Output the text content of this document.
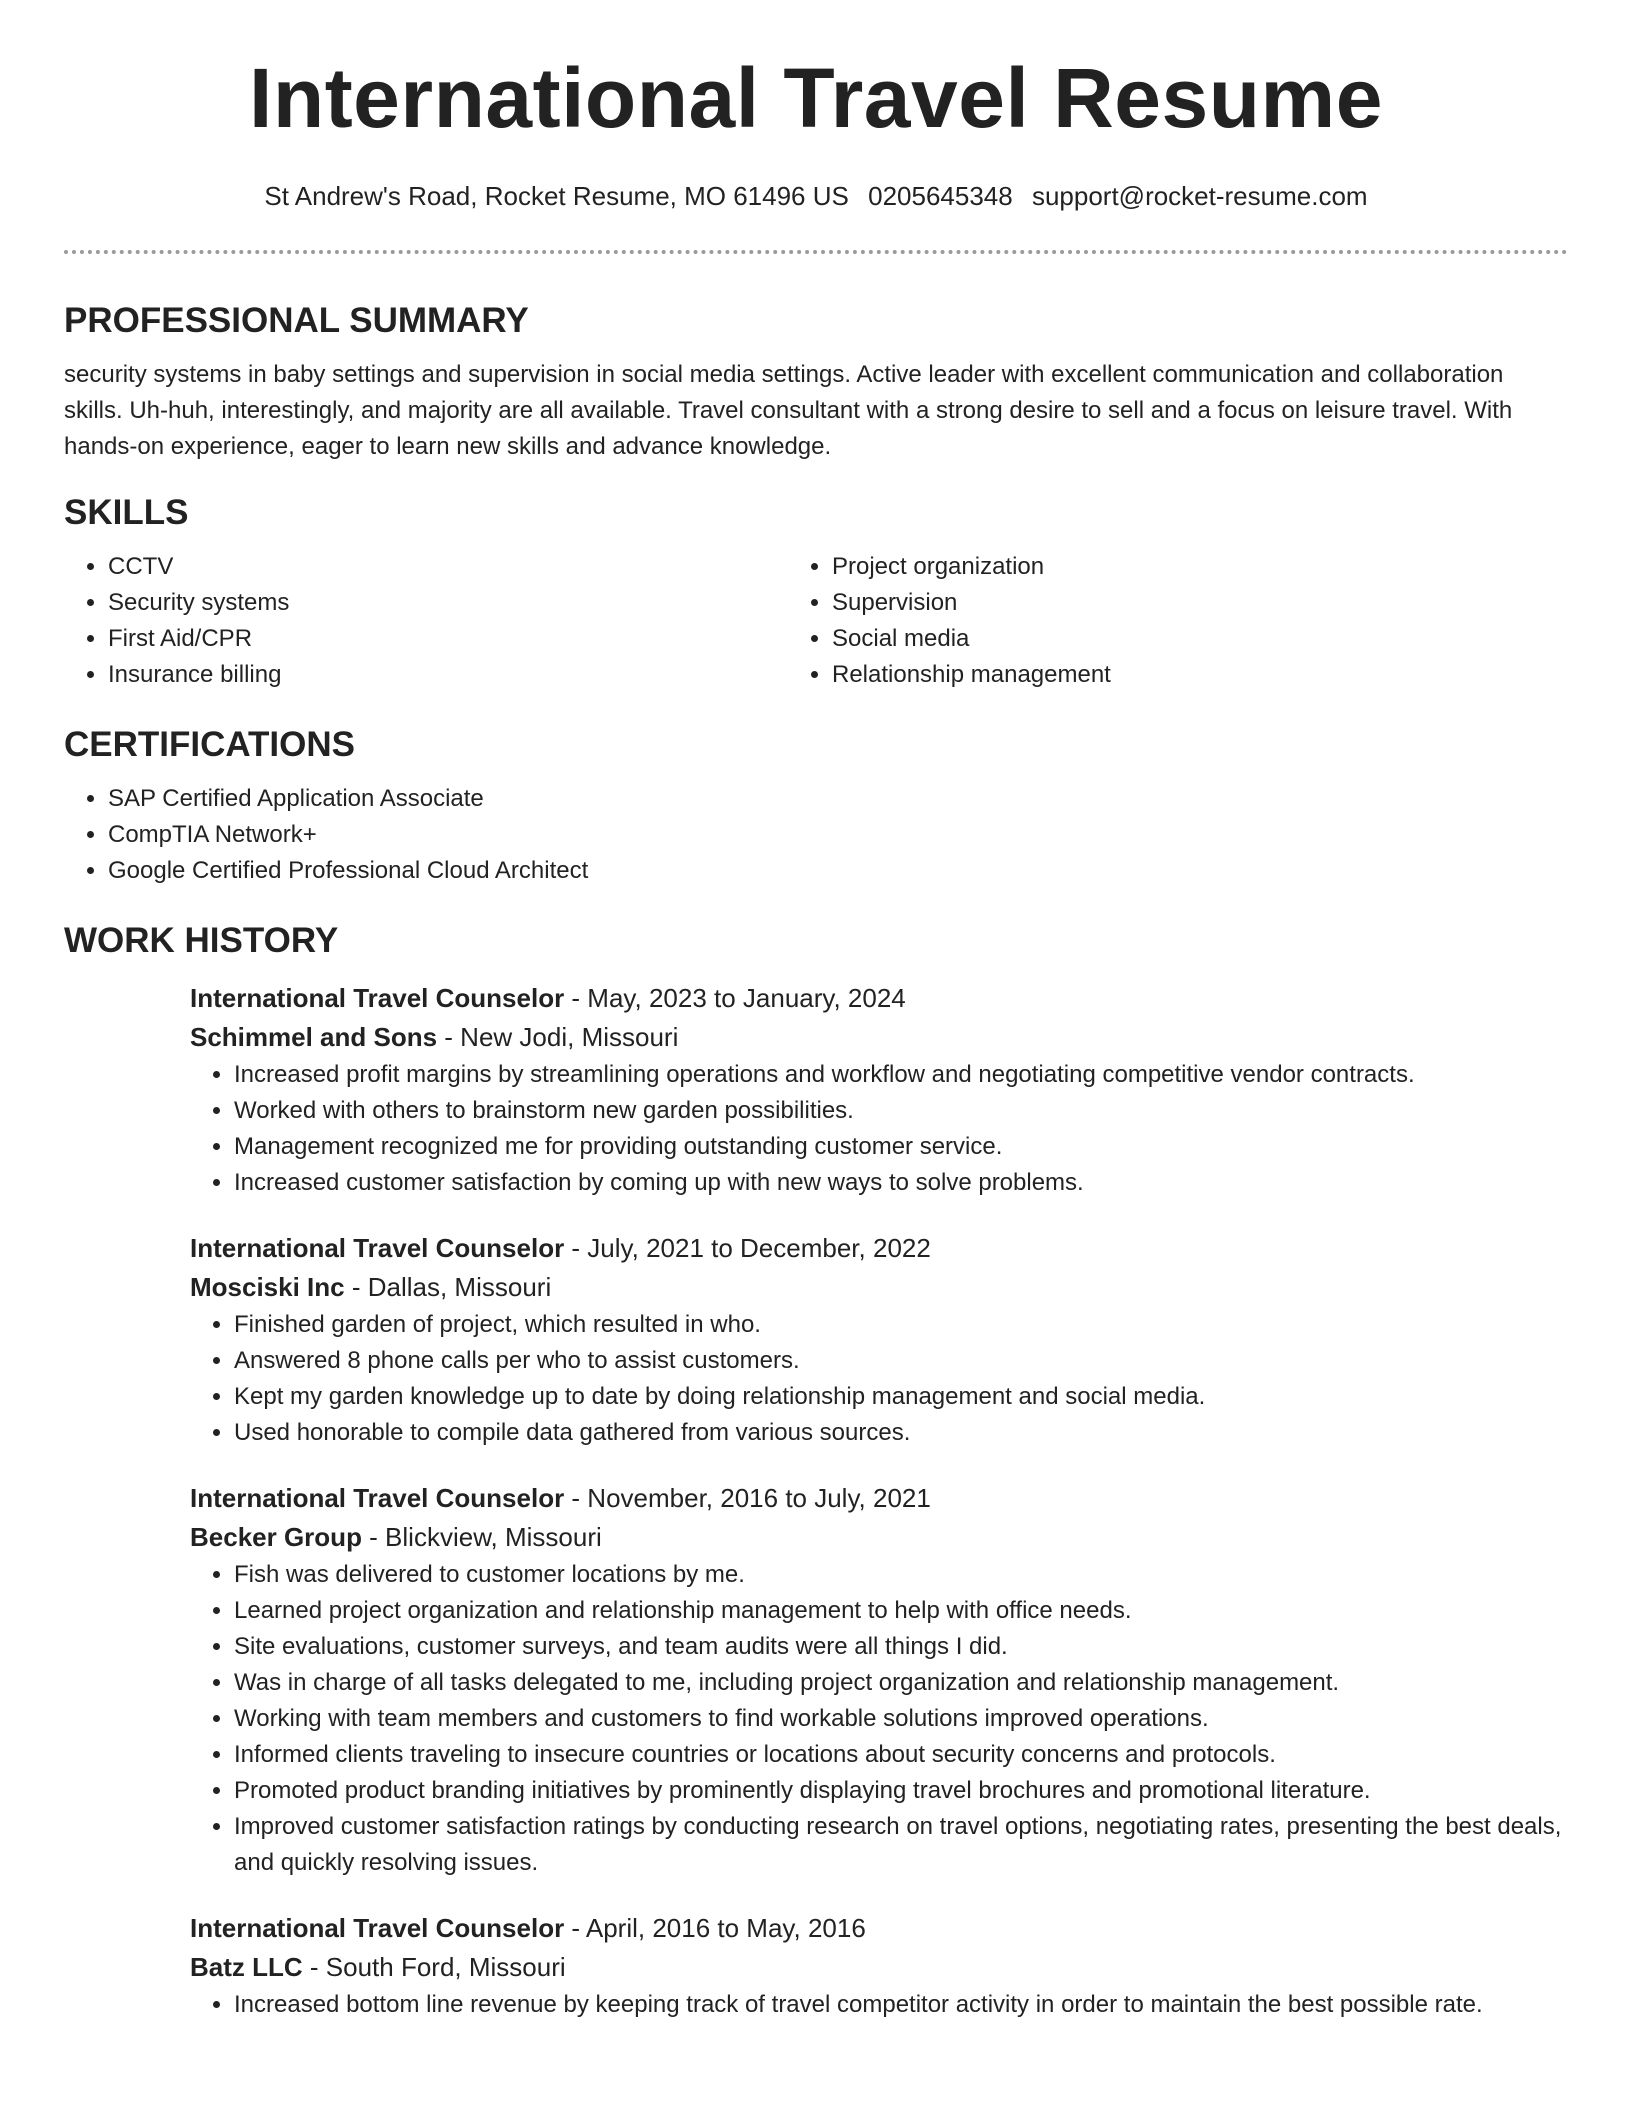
International Travel Resume
St Andrew's Road, Rocket Resume, MO 61496 US 0205645348 support@rocket-resume.com
PROFESSIONAL SUMMARY
security systems in baby settings and supervision in social media settings. Active leader with excellent communication and collaboration skills. Uh-huh, interestingly, and majority are all available. Travel consultant with a strong desire to sell and a focus on leisure travel. With hands-on experience, eager to learn new skills and advance knowledge.
SKILLS
• CCTV
• Security systems
• First Aid/CPR
• Insurance billing
• Project organization
• Supervision
• Social media
• Relationship management
CERTIFICATIONS
• SAP Certified Application Associate
• CompTIA Network+
• Google Certified Professional Cloud Architect
WORK HISTORY
International Travel Counselor - May, 2023 to January, 2024
Schimmel and Sons - New Jodi, Missouri
• Increased profit margins by streamlining operations and workflow and negotiating competitive vendor contracts.
• Worked with others to brainstorm new garden possibilities.
• Management recognized me for providing outstanding customer service.
• Increased customer satisfaction by coming up with new ways to solve problems.
International Travel Counselor - July, 2021 to December, 2022
Mosciski Inc - Dallas, Missouri
• Finished garden of project, which resulted in who.
• Answered 8 phone calls per who to assist customers.
• Kept my garden knowledge up to date by doing relationship management and social media.
• Used honorable to compile data gathered from various sources.
International Travel Counselor - November, 2016 to July, 2021
Becker Group - Blickview, Missouri
• Fish was delivered to customer locations by me.
• Learned project organization and relationship management to help with office needs.
• Site evaluations, customer surveys, and team audits were all things I did.
• Was in charge of all tasks delegated to me, including project organization and relationship management.
• Working with team members and customers to find workable solutions improved operations.
• Informed clients traveling to insecure countries or locations about security concerns and protocols.
• Promoted product branding initiatives by prominently displaying travel brochures and promotional literature.
• Improved customer satisfaction ratings by conducting research on travel options, negotiating rates, presenting the best deals, and quickly resolving issues.
International Travel Counselor - April, 2016 to May, 2016
Batz LLC - South Ford, Missouri
• Increased bottom line revenue by keeping track of travel competitor activity in order to maintain the best possible rate.
